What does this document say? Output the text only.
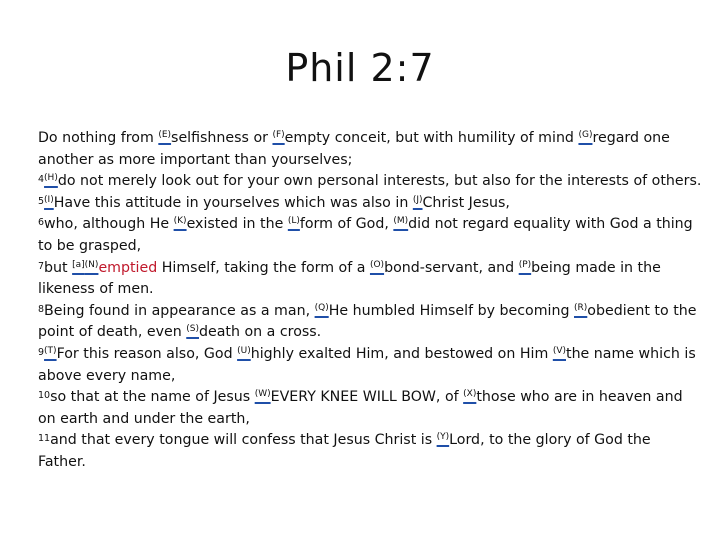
Phil 2:7

Do nothing from $^{(E)}$selfishness or $^{(F)}$empty conceit, but with humility of mind $^{(G)}$regard one another as more important than yourselves;

$^{4(H)}$do not merely look out for your own personal interests, but also for the interests of others.

$^{5(I)}$Have this attitude in yourselves which was also in $^{(J)}$Christ Jesus,

$^6$who, although He $^{(K)}$existed in the $^{(L)}$form of God, $^{(M)}$did not regard equality with God a thing to be grasped,

$^7$but $^{[a](N)}$emptied Himself, taking the form of a $^{(O)}$bond-servant, and $^{(P)}$being made in the likeness of men.

$^8$Being found in appearance as a man, $^{(Q)}$He humbled Himself by becoming $^{(R)}$obedient to the point of death, even $^{(S)}$death on a cross.

$^{9(T)}$For this reason also, God $^{(U)}$highly exalted Him, and bestowed on Him $^{(V)}$the name which is above every name,

$^{10}$so that at the name of Jesus $^{(W)}$EVERY KNEE WILL BOW, of $^{(X)}$those who are in heaven and on earth and under the earth,

$^{11}$and that every tongue will confess that Jesus Christ is $^{(Y)}$Lord, to the glory of God the Father.
